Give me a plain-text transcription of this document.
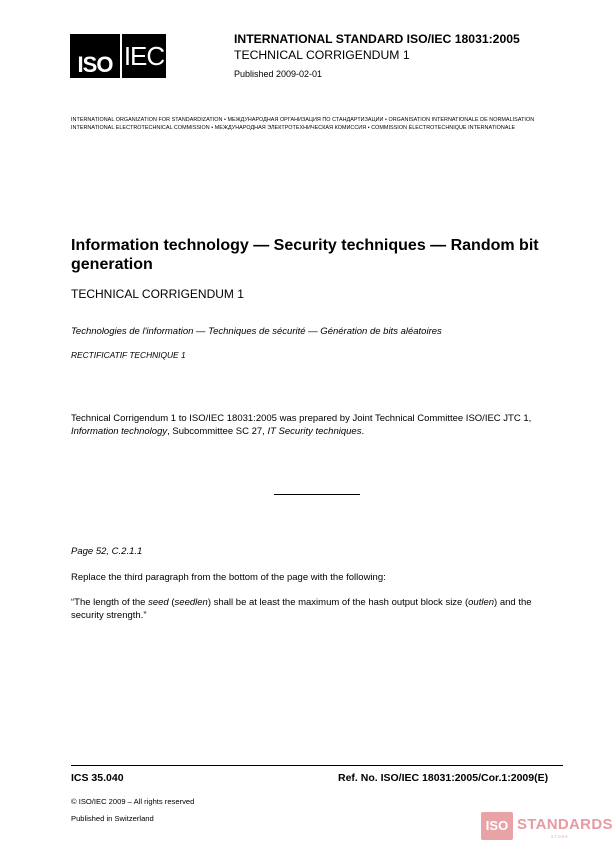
ISO IEC
INTERNATIONAL STANDARD ISO/IEC 18031:2005
TECHNICAL CORRIGENDUM 1
Published 2009-02-01
INTERNATIONAL ORGANIZATION FOR STANDARDIZATION • МЕЖДУНАРОДНАЯ ОРГАНИЗАЦИЯ ПО СТАНДАРТИЗАЦИИ • ORGANISATION INTERNATIONALE DE NORMALISATION
INTERNATIONAL ELECTROTECHNICAL COMMISSION • МЕЖДУНАРОДНАЯ ЭЛЕКТРОТЕХНИЧЕСКАЯ КОМИССИЯ • COMMISSION ÉLECTROTECHNIQUE INTERNATIONALE
Information technology — Security techniques — Random bit generation
TECHNICAL CORRIGENDUM 1
Technologies de l'information — Techniques de sécurité — Génération de bits aléatoires
RECTIFICATIF TECHNIQUE 1
Technical Corrigendum 1 to ISO/IEC 18031:2005 was prepared by Joint Technical Committee ISO/IEC JTC 1, Information technology, Subcommittee SC 27, IT Security techniques.
Page 52, C.2.1.1
Replace the third paragraph from the bottom of the page with the following:
“The length of the seed (seedlen) shall be at least the maximum of the hash output block size (outlen) and the security strength.”
ICS 35.040	Ref. No. ISO/IEC 18031:2005/Cor.1:2009(E)
© ISO/IEC 2009 – All rights reserved
Published in Switzerland	ISO STANDARDS
STORE
